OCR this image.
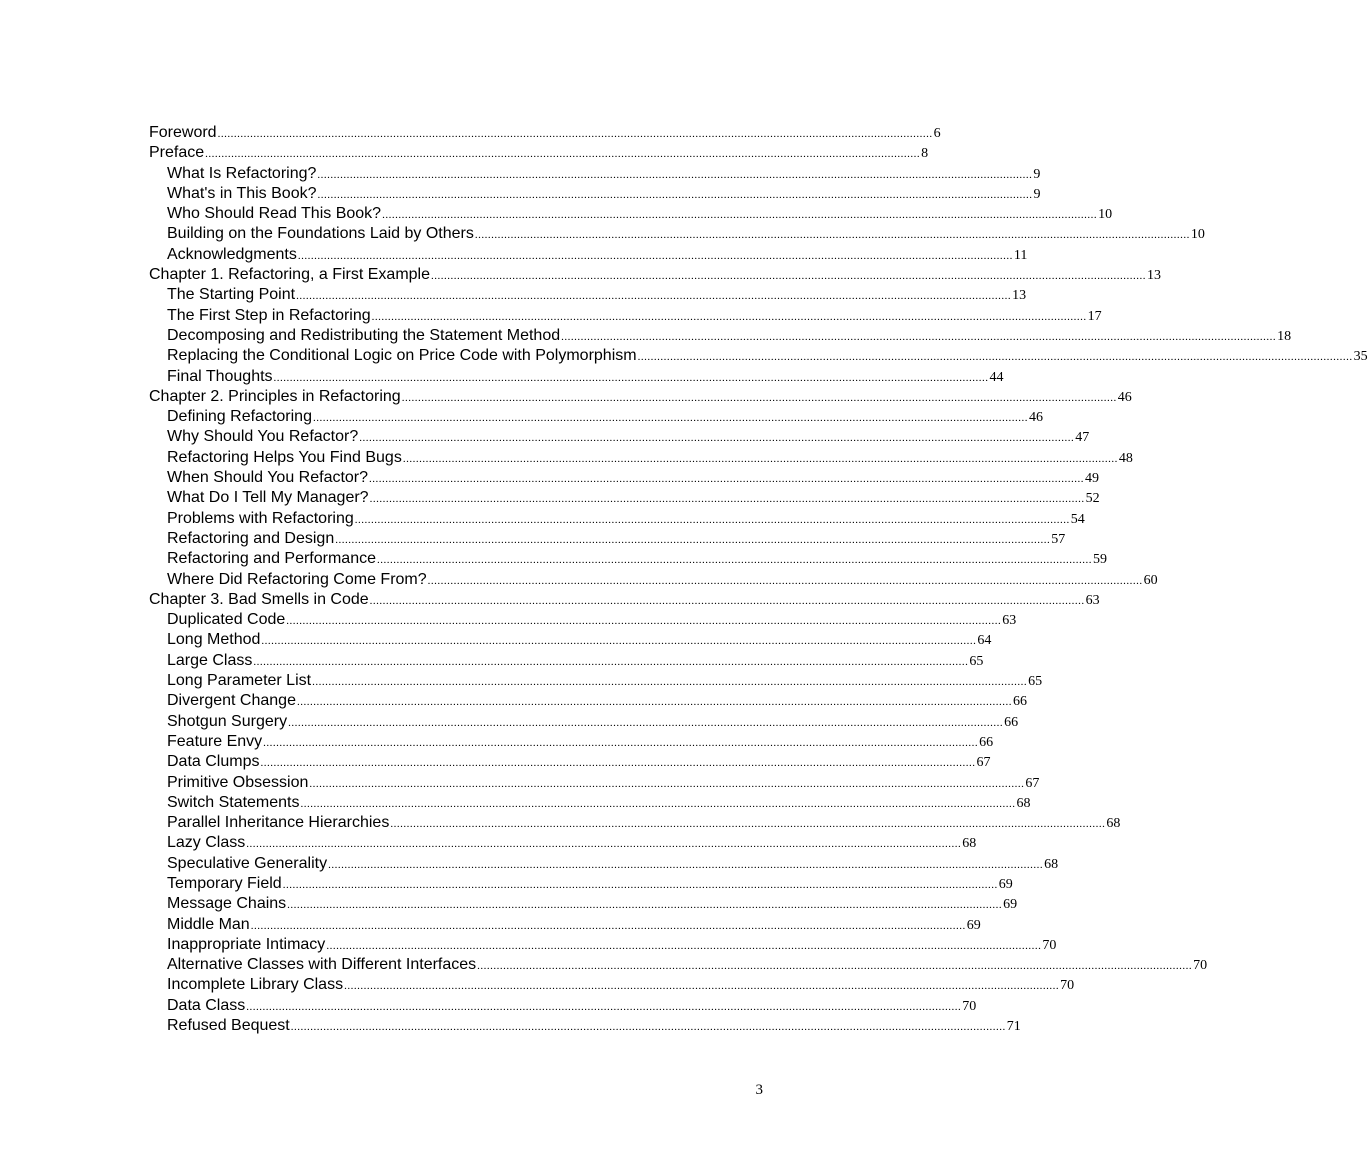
Foreword ............................................................................................................................................................................................................................ 6
Preface ............................................................................................................................................................................................................................ 8
What Is Refactoring? ............................................................................................................................................................................................................................ 9
What's in This Book? ............................................................................................................................................................................................................................ 9
Who Should Read This Book? ............................................................................................................................................................................................................................ 10
Building on the Foundations Laid by Others ............................................................................................................................................................................................................................ 10
Acknowledgments ............................................................................................................................................................................................................................ 11
Chapter 1. Refactoring, a First Example ............................................................................................................................................................................................................................ 13
The Starting Point ............................................................................................................................................................................................................................ 13
The First Step in Refactoring ............................................................................................................................................................................................................................ 17
Decomposing and Redistributing the Statement Method ............................................................................................................................................................................................................................ 18
Replacing the Conditional Logic on Price Code with Polymorphism ............................................................................................................................................................................................................................ 35
Final Thoughts ............................................................................................................................................................................................................................ 44
Chapter 2. Principles in Refactoring ............................................................................................................................................................................................................................ 46
Defining Refactoring ............................................................................................................................................................................................................................ 46
Why Should You Refactor? ............................................................................................................................................................................................................................ 47
Refactoring Helps You Find Bugs ............................................................................................................................................................................................................................ 48
When Should You Refactor? ............................................................................................................................................................................................................................ 49
What Do I Tell My Manager? ............................................................................................................................................................................................................................ 52
Problems with Refactoring ............................................................................................................................................................................................................................ 54
Refactoring and Design ............................................................................................................................................................................................................................ 57
Refactoring and Performance ............................................................................................................................................................................................................................ 59
Where Did Refactoring Come From? ............................................................................................................................................................................................................................ 60
Chapter 3. Bad Smells in Code ............................................................................................................................................................................................................................ 63
Duplicated Code ............................................................................................................................................................................................................................ 63
Long Method ............................................................................................................................................................................................................................ 64
Large Class ............................................................................................................................................................................................................................ 65
Long Parameter List ............................................................................................................................................................................................................................ 65
Divergent Change ............................................................................................................................................................................................................................ 66
Shotgun Surgery ............................................................................................................................................................................................................................ 66
Feature Envy ............................................................................................................................................................................................................................ 66
Data Clumps ............................................................................................................................................................................................................................ 67
Primitive Obsession ............................................................................................................................................................................................................................ 67
Switch Statements ............................................................................................................................................................................................................................ 68
Parallel Inheritance Hierarchies ............................................................................................................................................................................................................................ 68
Lazy Class ............................................................................................................................................................................................................................ 68
Speculative Generality ............................................................................................................................................................................................................................ 68
Temporary Field ............................................................................................................................................................................................................................ 69
Message Chains ............................................................................................................................................................................................................................ 69
Middle Man ............................................................................................................................................................................................................................ 69
Inappropriate Intimacy ............................................................................................................................................................................................................................ 70
Alternative Classes with Different Interfaces ............................................................................................................................................................................................................................ 70
Incomplete Library Class ............................................................................................................................................................................................................................ 70
Data Class ............................................................................................................................................................................................................................ 70
Refused Bequest ............................................................................................................................................................................................................................ 71
3
